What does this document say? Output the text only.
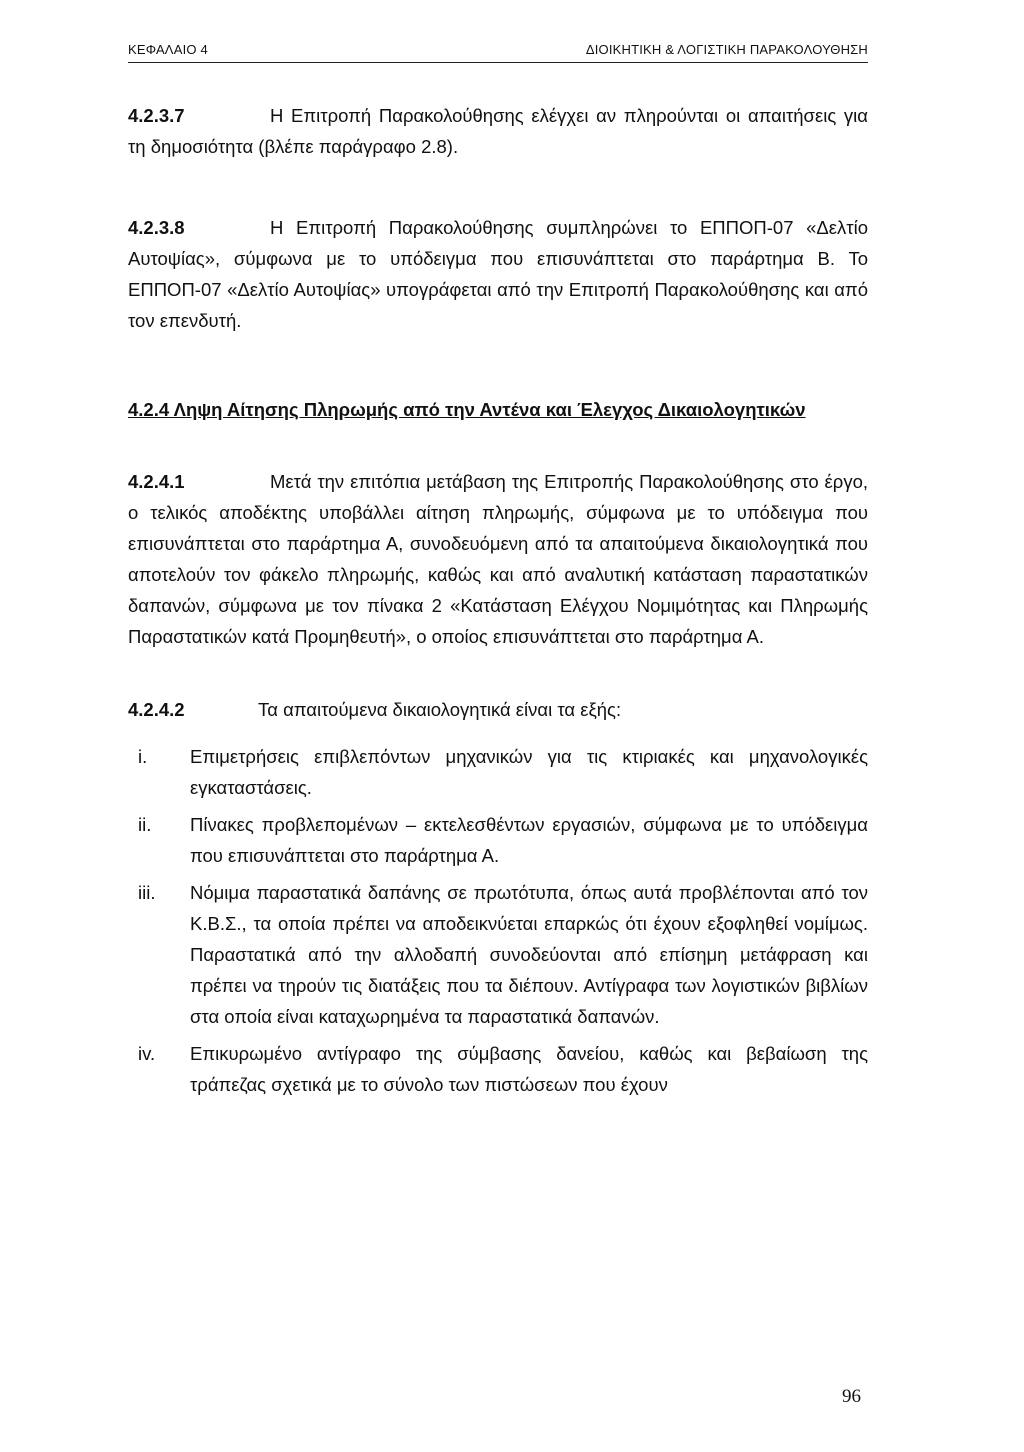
ΚΕΦΑΛΑΙΟ 4	ΔΙΟΙΚΗΤΙΚΗ & ΛΟΓΙΣΤΙΚΗ ΠΑΡΑΚΟΛΟΥΘΗΣΗ

4.2.3.7	Η Επιτροπή Παρακολούθησης ελέγχει αν πληρούνται οι απαιτήσεις για τη δημοσιότητα (βλέπε παράγραφο 2.8).

4.2.3.8	Η Επιτροπή Παρακολούθησης συμπληρώνει το ΕΠΠΟΠ-07 «Δελτίο Αυτοψίας», σύμφωνα με το υπόδειγμα που επισυνάπτεται στο παράρτημα Β. Το ΕΠΠΟΠ-07 «Δελτίο Αυτοψίας» υπογράφεται από την Επιτροπή Παρακολούθησης και από τον επενδυτή.

4.2.4 Ληψη Αίτησης Πληρωμής από την Αντένα και Έλεγχος Δικαιολογητικών

4.2.4.1	Μετά την επιτόπια μετάβαση της Επιτροπής Παρακολούθησης στο έργο, ο τελικός αποδέκτης υποβάλλει αίτηση πληρωμής, σύμφωνα με το υπόδειγμα που επισυνάπτεται στο παράρτημα Α, συνοδευόμενη από τα απαιτούμενα δικαιολογητικά που αποτελούν τον φάκελο πληρωμής, καθώς και από αναλυτική κατάσταση παραστατικών δαπανών, σύμφωνα με τον πίνακα 2 «Κατάσταση Ελέγχου Νομιμότητας και Πληρωμής Παραστατικών κατά Προμηθευτή», ο οποίος επισυνάπτεται στο παράρτημα Α.

4.2.4.2	Τα απαιτούμενα δικαιολογητικά είναι τα εξής:

i.	Επιμετρήσεις επιβλεπόντων μηχανικών για τις κτιριακές και μηχανολογικές εγκαταστάσεις.
ii.	Πίνακες προβλεπομένων – εκτελεσθέντων εργασιών, σύμφωνα με το υπόδειγμα που επισυνάπτεται στο παράρτημα Α.
iii.	Νόμιμα παραστατικά δαπάνης σε πρωτότυπα, όπως αυτά προβλέπονται από τον Κ.Β.Σ., τα οποία πρέπει να αποδεικνύεται επαρκώς ότι έχουν εξοφληθεί νομίμως. Παραστατικά από την αλλοδαπή συνοδεύονται από επίσημη μετάφραση και πρέπει να τηρούν τις διατάξεις που τα διέπουν. Αντίγραφα των λογιστικών βιβλίων στα οποία είναι καταχωρημένα τα παραστατικά δαπανών.
iv.	Επικυρωμένο αντίγραφο της σύμβασης δανείου, καθώς και βεβαίωση της τράπεζας σχετικά με το σύνολο των πιστώσεων που έχουν
96
